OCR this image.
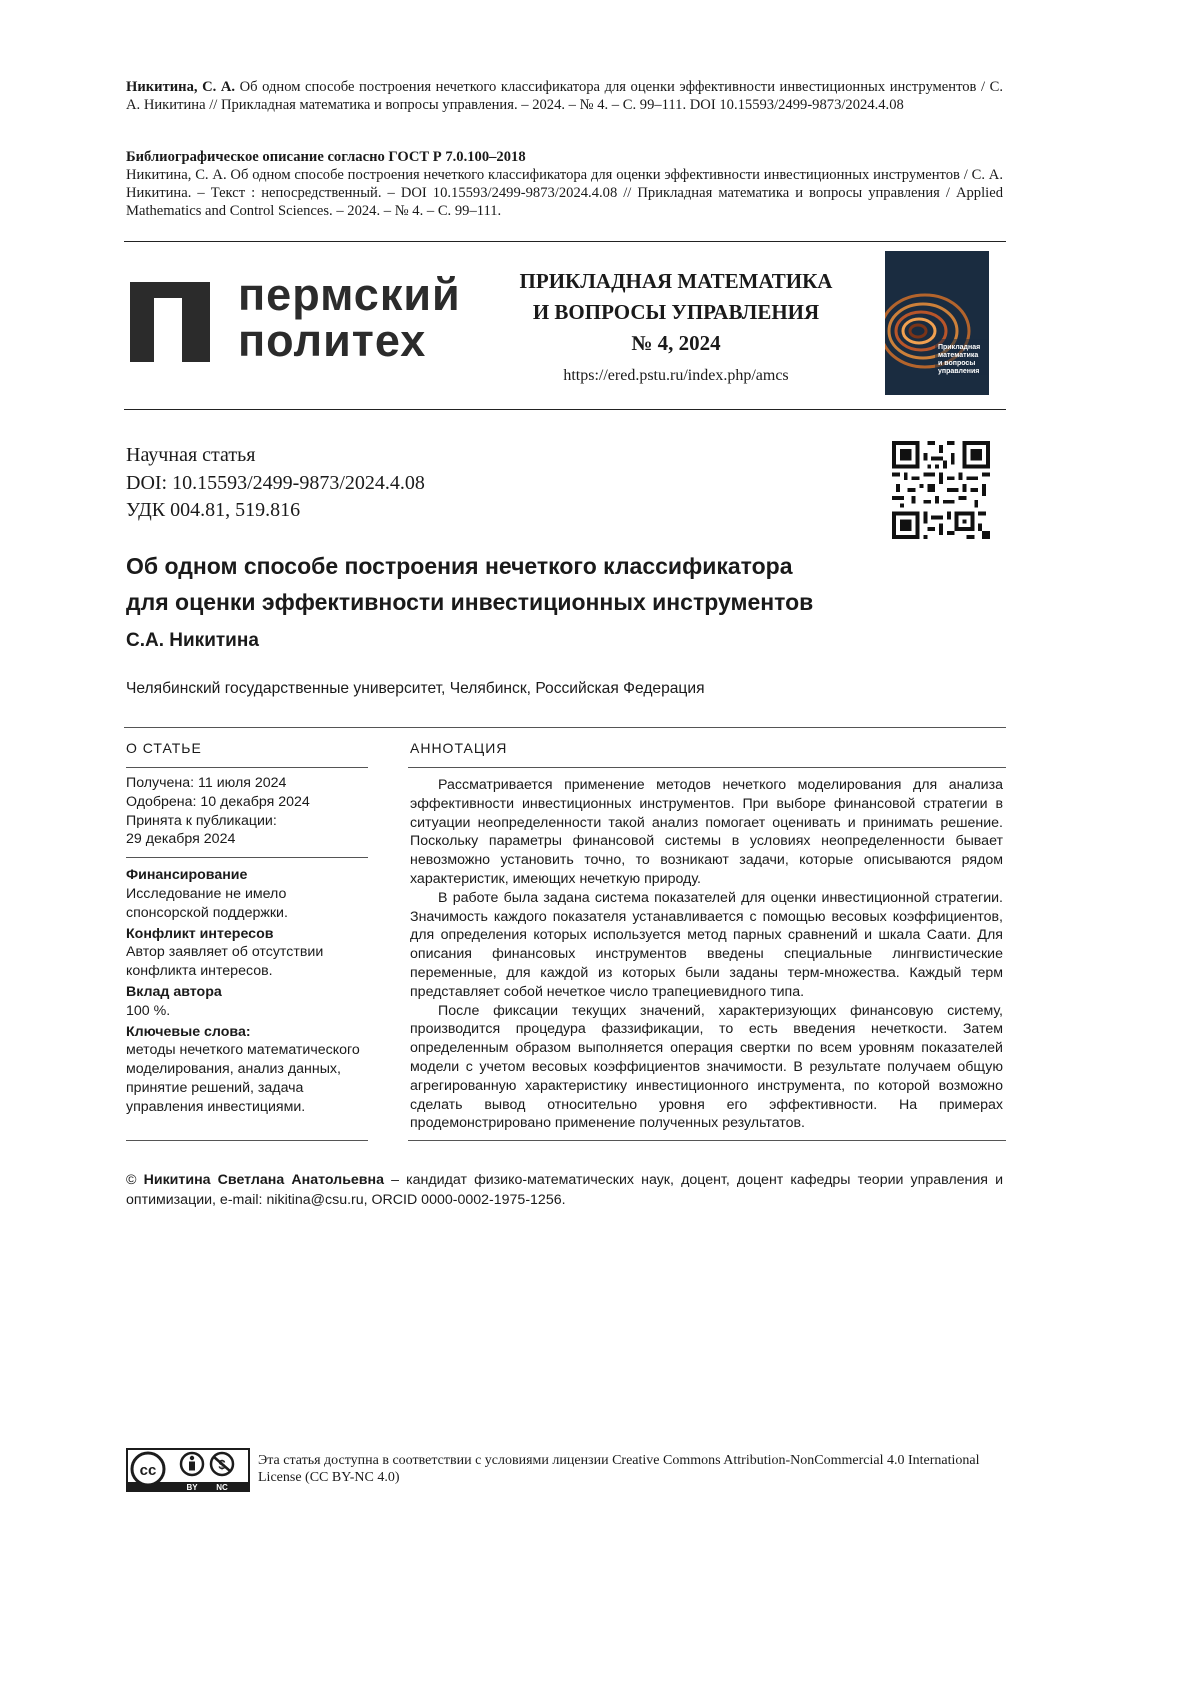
Никитина, С. А. Об одном способе построения нечеткого классификатора для оценки эффективности инвестиционных инструментов / С. А. Никитина // Прикладная математика и вопросы управления. – 2024. – № 4. – С. 99–111. DOI 10.15593/2499-9873/2024.4.08

Библиографическое описание согласно ГОСТ Р 7.0.100–2018

Никитина, С. А. Об одном способе построения нечеткого классификатора для оценки эффективности инвестиционных инструментов / С. А. Никитина. – Текст : непосредственный. – DOI 10.15593/2499-9873/2024.4.08 // Прикладная математика и вопросы управления / Applied Mathematics and Control Sciences. – 2024. – № 4. – С. 99–111.

пермский
политех
ПРИКЛАДНАЯ МАТЕМАТИКА
И ВОПРОСЫ УПРАВЛЕНИЯ
№ 4, 2024
https://ered.pstu.ru/index.php/amcs
Прикладная
математика
и вопросы
управления
Научная статья
DOI: 10.15593/2499-9873/2024.4.08
УДК 004.81, 519.816
Об одном способе построения нечеткого классификатора
для оценки эффективности инвестиционных инструментов
С.А. Никитина
Челябинский государственные университет, Челябинск, Российская Федерация
О СТАТЬЕ	АННОТАЦИЯ
Получена: 11 июля 2024
Одобрена: 10 декабря 2024
Принята к публикации:
29 декабря 2024
Финансирование
Исследование не имело спонсорской поддержки.
Конфликт интересов
Автор заявляет об отсутствии конфликта интересов.
Вклад автора
100 %.
Ключевые слова:
методы нечеткого математического моделирования, анализ данных, принятие решений, задача управления инвестициями.

Рассматривается применение методов нечеткого моделирования для анализа эффективности инвестиционных инструментов. При выборе финансовой стратегии в ситуации неопределенности такой анализ помогает оценивать и принимать решение. Поскольку параметры финансовой системы в условиях неопределенности бывает невозможно установить точно, то возникают задачи, которые описываются рядом характеристик, имеющих нечеткую природу.

В работе была задана система показателей для оценки инвестиционной стратегии. Значимость каждого показателя устанавливается с помощью весовых коэффициентов, для определения которых используется метод парных сравнений и шкала Саати. Для описания финансовых инструментов введены специальные лингвистические переменные, для каждой из которых были заданы терм-множества. Каждый терм представляет собой нечеткое число трапециевидного типа.

После фиксации текущих значений, характеризующих финансовую систему, производится процедура фаззификации, то есть введения нечеткости. Затем определенным образом выполняется операция свертки по всем уровням показателей модели с учетом весовых коэффициентов значимости. В результате получаем общую агрегированную характеристику инвестиционного инструмента, по которой возможно сделать вывод относительно уровня его эффективности. На примерах продемонстрировано применение полученных результатов.

© Никитина Светлана Анатольевна – кандидат физико-математических наук, доцент, доцент кафедры теории управления и оптимизации, e-mail: nikitina@csu.ru, ORCID 0000-0002-1975-1256.
cc
BY NC
Эта статья доступна в соответствии с условиями лицензии Creative Commons Attribution-NonCommercial 4.0 International License (CC BY-NC 4.0)
